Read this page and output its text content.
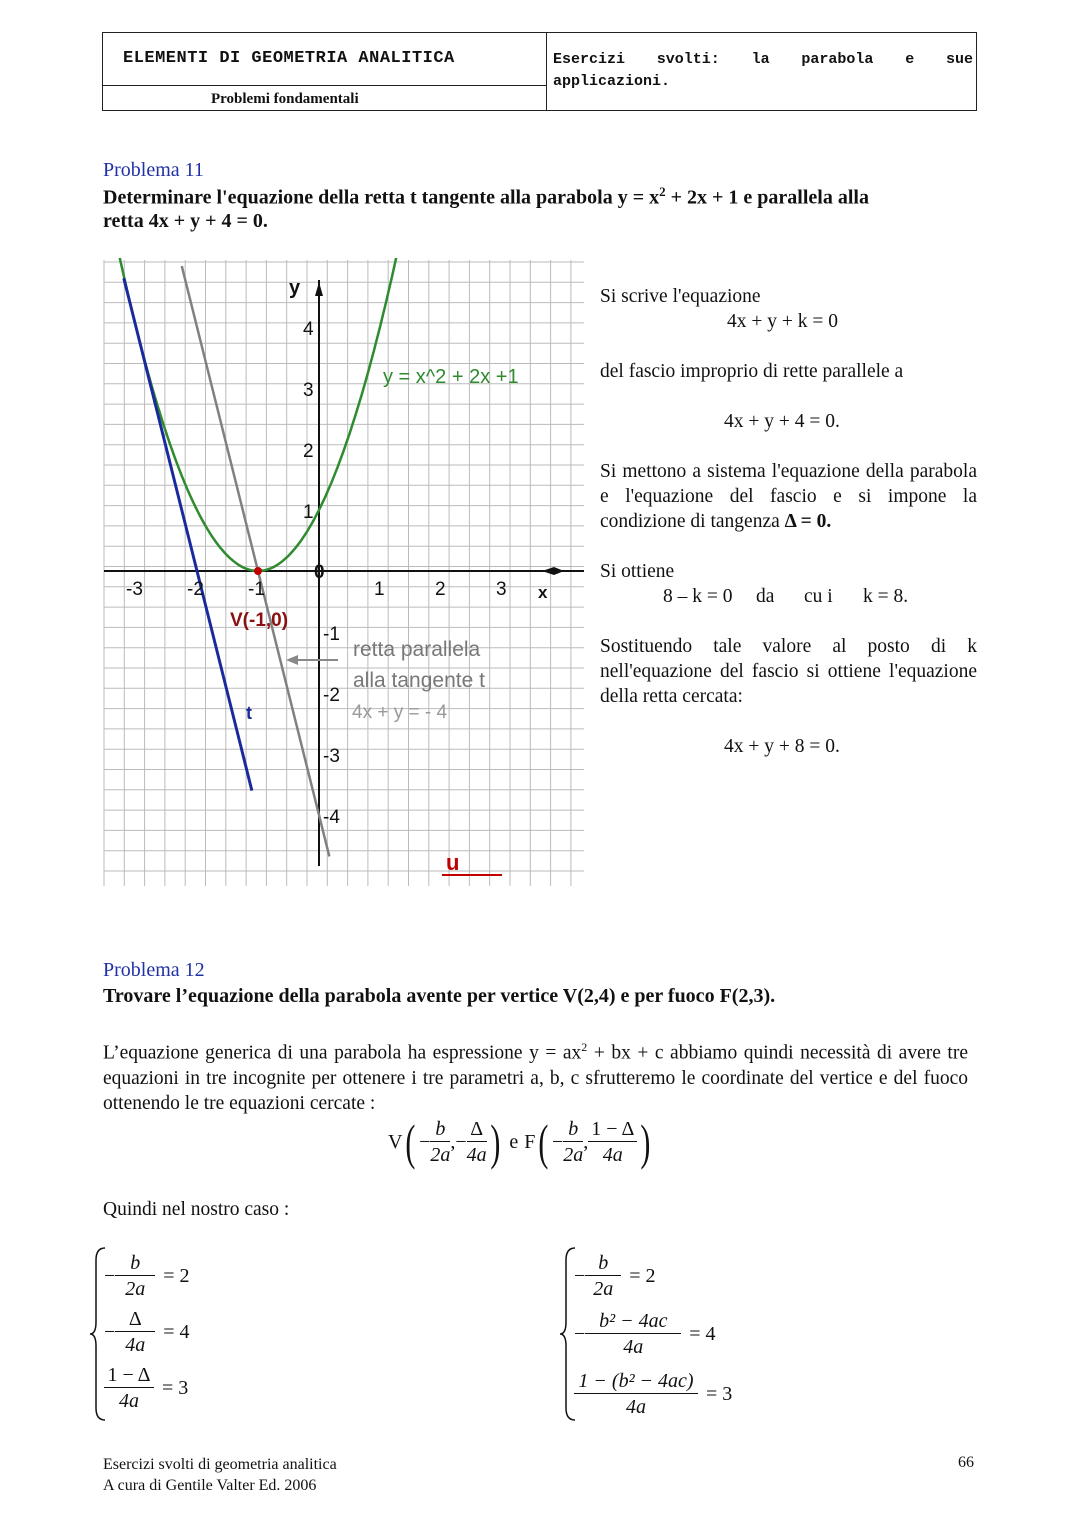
ELEMENTI DI GEOMETRIA ANALITICA
Problemi fondamentali
Esercizi svolti: la parabola e sue
applicazioni.
Problema 11
Determinare l'equazione della retta t tangente alla parabola $y = x^2 + 2x + 1$ e parallela alla
retta 4x + y + 4 = 0.
-3 -2 -1	1	2	3
1
2
3
4
-1
-2
-3
-4
0
x
y
y = x^2 + 2x +1
V(-1,0)
retta parallela
alla tangente t
4x + y = - 4
t
u
Si scrive l'equazione
4x + y + k = 0
del fascio improprio di rette parallele a
4x + y + 4 = 0.
Si mettono a sistema l'equazione della parabola e l'equazione del fascio e si impone la condizione di tangenza Δ = 0.
Si ottiene
8 – k = 0 da cu i k = 8.
Sostituendo tale valore al posto di k nell'equazione del fascio si ottiene l'equazione della retta cercata:
4x + y + 8 = 0.
Problema 12
Trovare l’equazione della parabola avente per vertice V(2,4) e per fuoco F(2,3).
L’equazione generica di una parabola ha espressione $y = ax^2$ + bx + c abbiamo quindi necessità di avere tre equazioni in tre incognite per ottenere i tre parametri a, b, c sfrutteremo le coordinate del vertice e del fuoco ottenendo le tre equazioni cercate :
V ( − $\frac{b}{2a}$ ,− $\frac{\Delta}{4a}$ ) e F ( − $\frac{b}{2a}$ , $\frac{1 - \Delta}{4a}$ )
Quindi nel nostro caso :
− $\frac{b}{2a} = 2$
− $\frac{\Delta}{4a} = 4$
$\frac{1 - \Delta}{4a} = 3$
− $\frac{b}{2a} = 2$
− $\frac{\text{b² − 4ac}}{4a} = 4$
$\frac{\text{1 − (b² − 4ac)}}{4a} = 3$
Esercizi svolti di geometria analitica
A cura di Gentile Valter Ed. 2006
66
